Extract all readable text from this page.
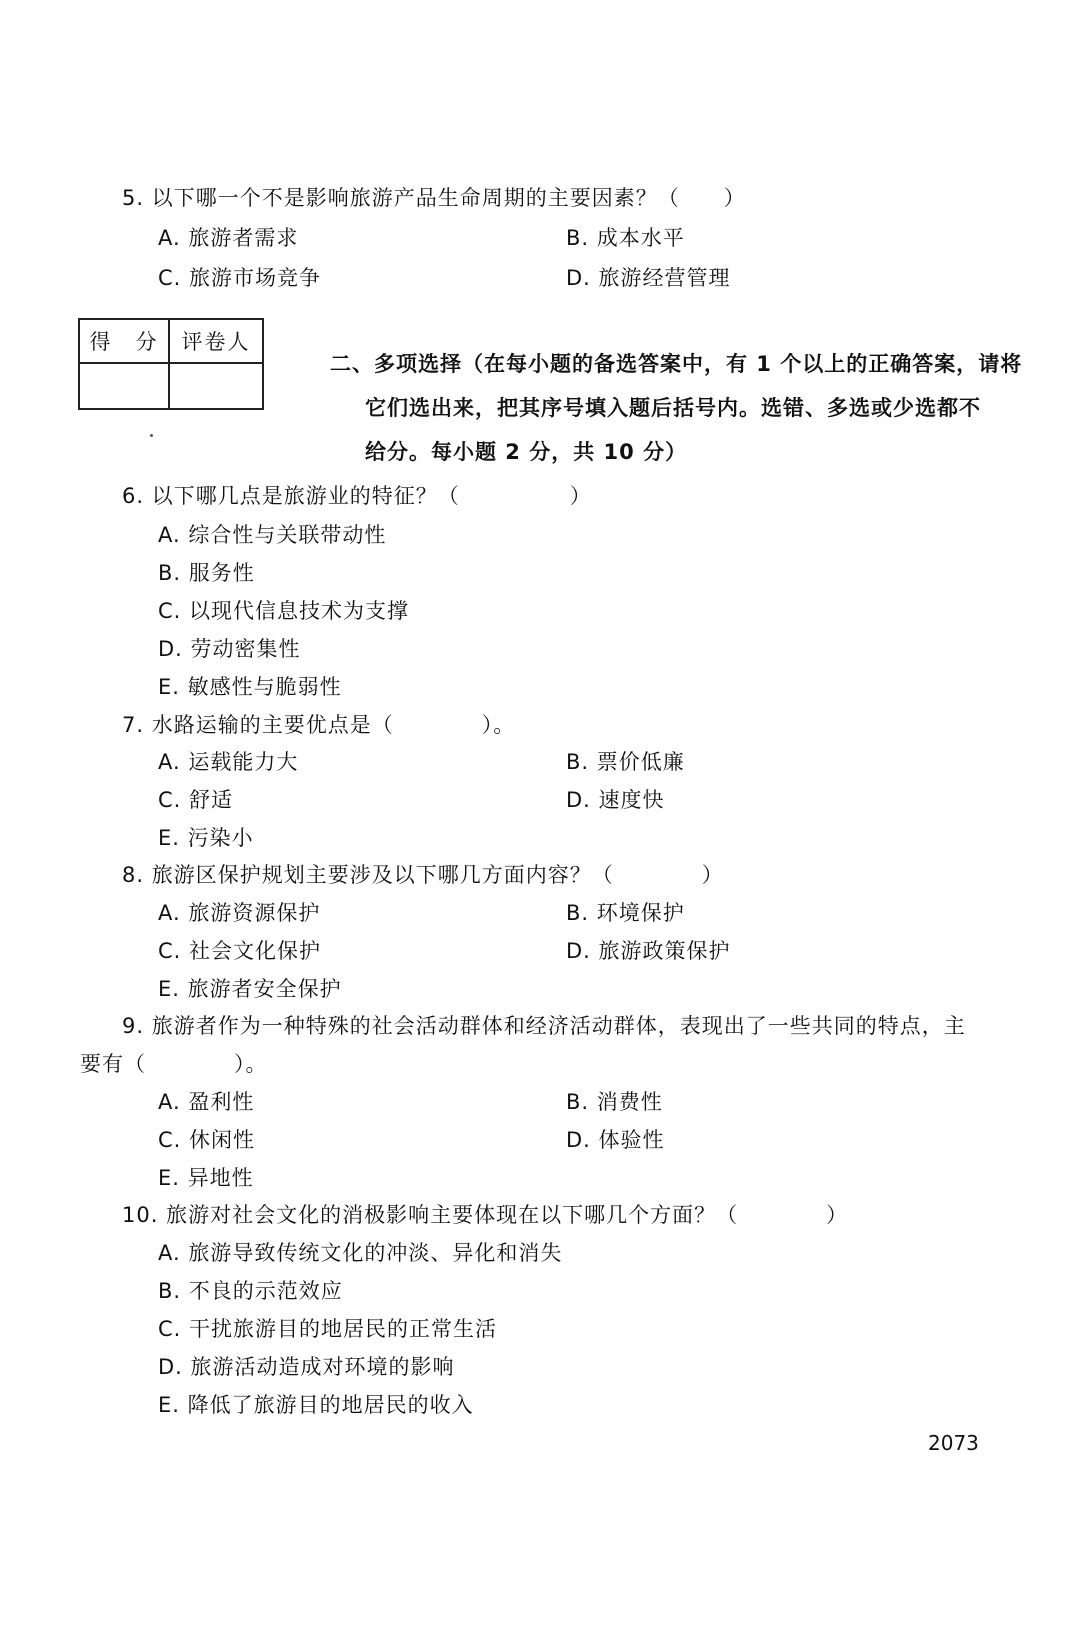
5. 以下哪一个不是影响旅游产品生命周期的主要因素？（　　）
A. 旅游者需求	B. 成本水平
C. 旅游市场竞争	D. 旅游经营管理
得　分	评卷人

二、多项选择（在每小题的备选答案中，有 1 个以上的正确答案，请将
它们选出来，把其序号填入题后括号内。选错、多选或少选都不
给分。每小题 2 分，共 10 分）
6. 以下哪几点是旅游业的特征？（　　　　　）
A. 综合性与关联带动性
B. 服务性
C. 以现代信息技术为支撑
D. 劳动密集性
E. 敏感性与脆弱性
7. 水路运输的主要优点是（　　　　）。
A. 运载能力大	B. 票价低廉
C. 舒适	D. 速度快
E. 污染小
8. 旅游区保护规划主要涉及以下哪几方面内容？（　　　　）
A. 旅游资源保护	B. 环境保护
C. 社会文化保护	D. 旅游政策保护
E. 旅游者安全保护
9. 旅游者作为一种特殊的社会活动群体和经济活动群体，表现出了一些共同的特点，主
要有（　　　　）。
A. 盈利性	B. 消费性
C. 休闲性	D. 体验性
E. 异地性
10. 旅游对社会文化的消极影响主要体现在以下哪几个方面？（　　　　）
A. 旅游导致传统文化的冲淡、异化和消失
B. 不良的示范效应
C. 干扰旅游目的地居民的正常生活
D. 旅游活动造成对环境的影响
E. 降低了旅游目的地居民的收入
2073
